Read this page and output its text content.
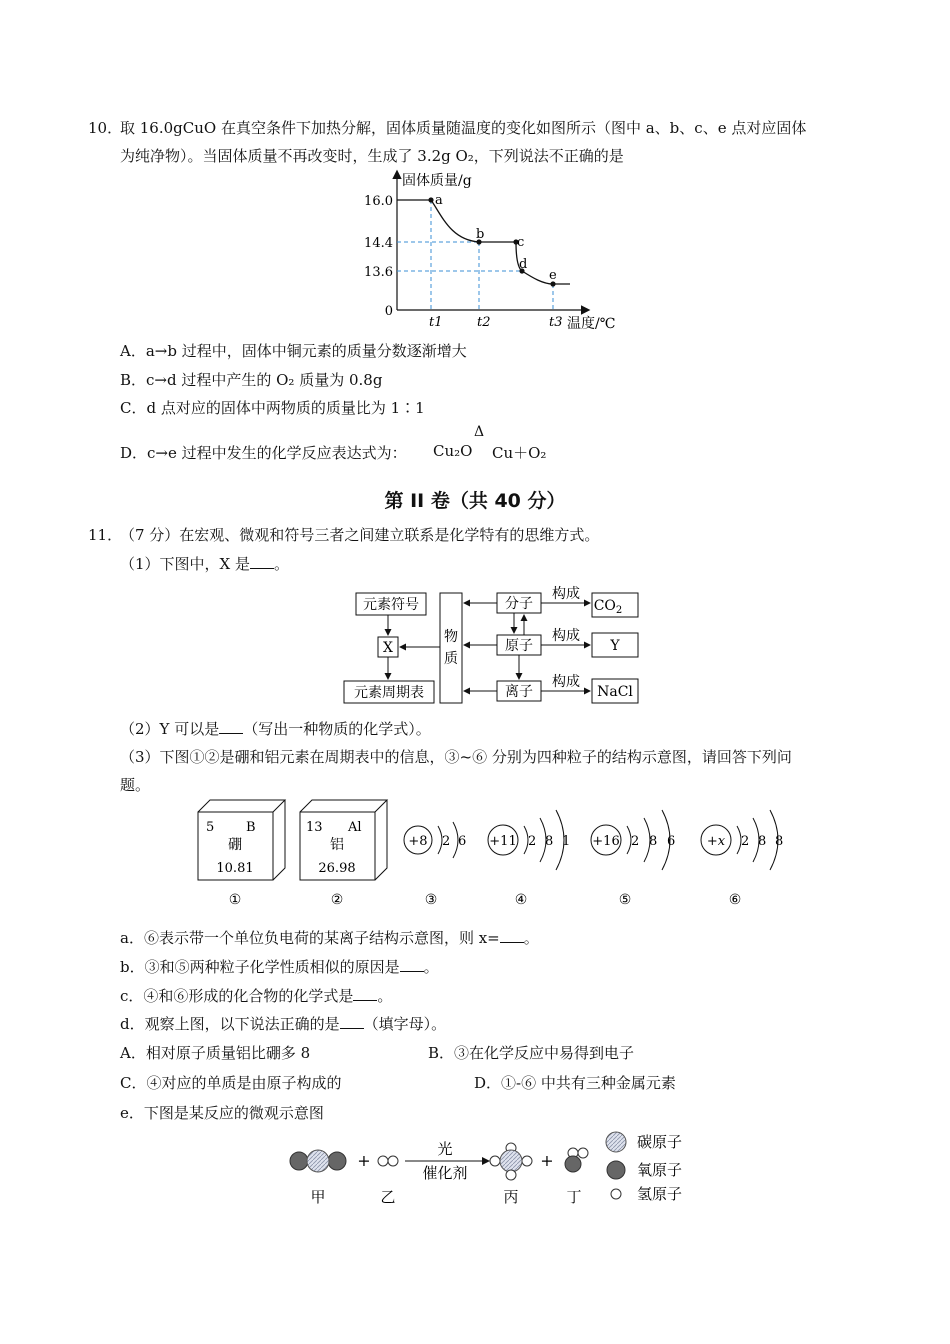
10．
取 16.0gCuO 在真空条件下加热分解，固体质量随温度的变化如图所示（图中 a、b、c、e 点对应固体
为纯净物）。当固体质量不再改变时，生成了 3.2g O₂，下列说法不正确的是
固体质量/g
温度/℃
16.0
14.4
13.6
0
t1	t2	t3
a
b
c
d
e
A．a→b 过程中，固体中铜元素的质量分数逐渐增大
B．c→d 过程中产生的 O₂ 质量为 0.8g
C．d 点对应的固体中两物质的质量比为 1∶1
D．c→e 过程中发生的化学反应表达式为： Cu₂O
Δ
Cu＋O₂
第 II 卷（共 40 分）
11．
（7 分）在宏观、微观和符号三者之间建立联系是化学特有的思维方式。
（1）下图中，X 是 。
元素符号
X
元素周期表
物
质
分子
原子
离子
构成
构成
构成
$CO_2$
Y
NaCl
（2）Y 可以是 （写出一种物质的化学式）。
（3）下图①②是硼和铝元素在周期表中的信息，③~⑥ 分别为四种粒子的结构示意图，请回答下列问
题。
5 B
硼
10.81
①
13 Al
铝
26.98
②
+8 2 6
③
+11 2 8 1
④
+16 2 8 6
⑤
+x 2 8 8
⑥
a．⑥表示带一个单位负电荷的某离子结构示意图，则 x= 。
b．③和⑤两种粒子化学性质相似的原因是 。
c．④和⑥形成的化合物的化学式是 。
d．观察上图，以下说法正确的是 （填字母）。
A．相对原子质量铝比硼多 8	B．③在化学反应中易得到电子
C．④对应的单质是由原子构成的	D．①-⑥ 中共有三种金属元素
e．下图是某反应的微观示意图
甲
+
乙
光
催化剂
丙
+
丁
碳原子
氧原子
氢原子
